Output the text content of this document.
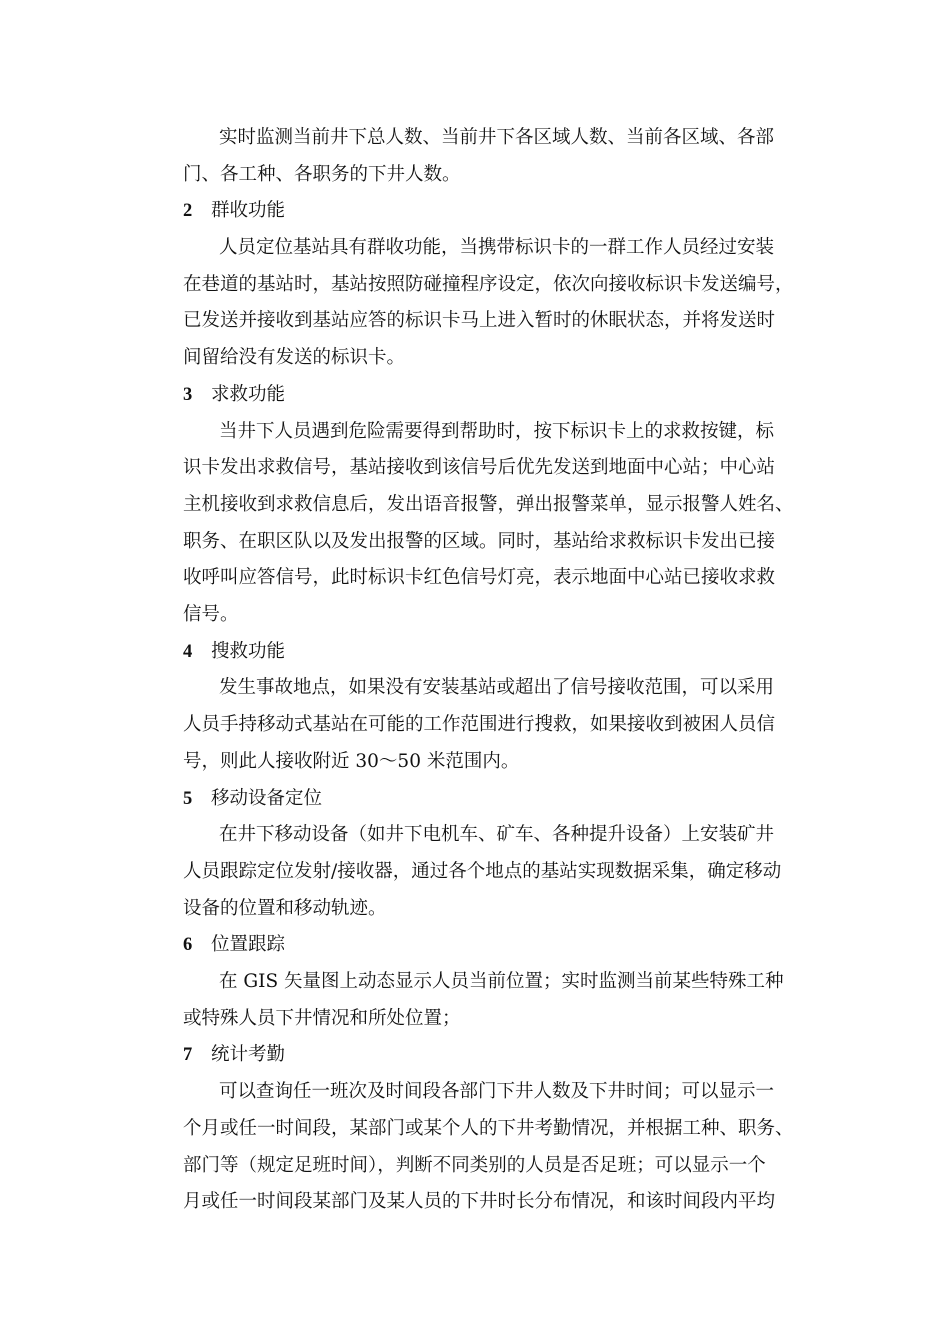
实时监测当前井下总人数、当前井下各区域人数、当前各区域、各部
门、各工种、各职务的下井人数。
2 群收功能
人员定位基站具有群收功能，当携带标识卡的一群工作人员经过安装
在巷道的基站时，基站按照防碰撞程序设定，依次向接收标识卡发送编号，
已发送并接收到基站应答的标识卡马上进入暂时的休眠状态，并将发送时
间留给没有发送的标识卡。
3 求救功能
当井下人员遇到危险需要得到帮助时，按下标识卡上的求救按键，标
识卡发出求救信号，基站接收到该信号后优先发送到地面中心站；中心站
主机接收到求救信息后，发出语音报警，弹出报警菜单，显示报警人姓名、
职务、在职区队以及发出报警的区域。同时，基站给求救标识卡发出已接
收呼叫应答信号，此时标识卡红色信号灯亮，表示地面中心站已接收求救
信号。
4 搜救功能
发生事故地点，如果没有安装基站或超出了信号接收范围，可以采用
人员手持移动式基站在可能的工作范围进行搜救，如果接收到被困人员信
号，则此人接收附近 30～50 米范围内。
5 移动设备定位
在井下移动设备（如井下电机车、矿车、各种提升设备）上安装矿井
人员跟踪定位发射/接收器，通过各个地点的基站实现数据采集，确定移动
设备的位置和移动轨迹。
6 位置跟踪
在 GIS 矢量图上动态显示人员当前位置；实时监测当前某些特殊工种
或特殊人员下井情况和所处位置；
7 统计考勤
可以查询任一班次及时间段各部门下井人数及下井时间；可以显示一
个月或任一时间段，某部门或某个人的下井考勤情况，并根据工种、职务、
部门等（规定足班时间），判断不同类别的人员是否足班；可以显示一个
月或任一时间段某部门及某人员的下井时长分布情况，和该时间段内平均
